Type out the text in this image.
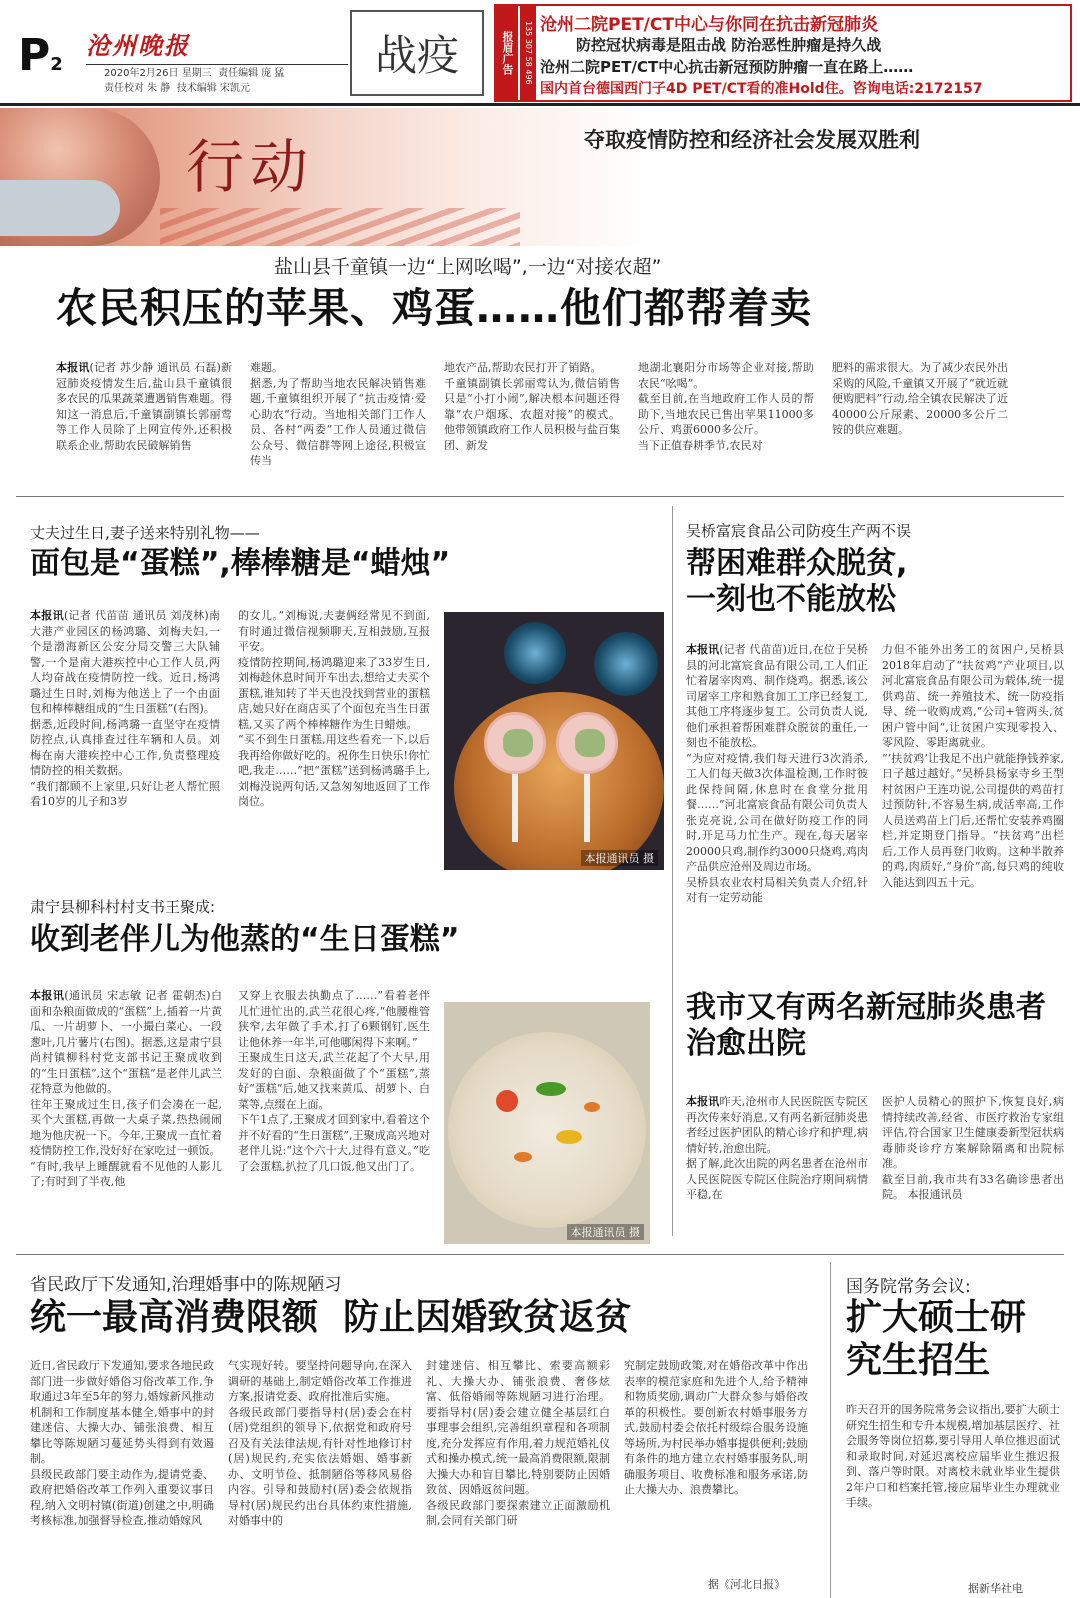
P2
沧州晚报
2020年2月26日 星期三 责任编辑 庞 猛
责任校对 朱 静 技术编辑 宋凯元
战疫	报眉广告	135 307 58 496 沧州二院PET/CT中心与你同在抗击新冠肺炎
防控冠状病毒是阻击战 防治恶性肿瘤是持久战
沧州二院PET/CT中心抗击新冠预防肿瘤一直在路上……
国内首台德国西门子4D PET/CT看的准Hold住。咨询电话:2172157
行动	夺取疫情防控和经济社会发展双胜利
盐山县千童镇一边“上网吆喝”,一边“对接农超”
农民积压的苹果、鸡蛋……他们都帮着卖
本报讯(记者 苏少静 通讯员 石磊)新冠肺炎疫情发生后,盐山县千童镇很多农民的瓜果蔬菜遭遇销售难题。得知这一消息后,千童镇副镇长郭丽莺等工作人员除了上网宣传外,还积极联系企业,帮助农民破解销售
难题。
据悉,为了帮助当地农民解决销售难题,千童镇组织开展了“抗击疫情·爱心助农”行动。当地相关部门工作人员、各村“两委”工作人员通过微信公众号、微信群等网上途径,积极宣传当
地农产品,帮助农民打开了销路。
千童镇副镇长郭丽莺认为,微信销售只是“小打小闹”,解决根本问题还得靠“农户烟琢、农超对接”的模式。他带领镇政府工作人员积极与盐百集团、新发
地湖北襄阳分市场等企业对接,帮助农民“吆喝”。
截至目前,在当地政府工作人员的帮助下,当地农民已售出苹果11000多公斤、鸡蛋6000多公斤。
当下正值春耕季节,农民对
肥料的需求很大。为了减少农民外出采购的风险,千童镇又开展了“就近就便购肥料”行动,给全镇农民解决了近40000公斤尿素、20000多公斤二铵的供应难题。
丈夫过生日,妻子送来特别礼物——
面包是“蛋糕”,棒棒糖是“蜡烛”
本报讯(记者 代苗苗 通讯员 刘茂林)南大港产业园区的杨鸿璐、刘梅夫妇,一个是渤海新区公安分局交警三大队辅警,一个是南大港疾控中心工作人员,两人均奋战在疫情防控一线。近日,杨鸿璐过生日时,刘梅为他送上了一个由面包和棒棒糖组成的“生日蛋糕”(右图)。
据悉,近段时间,杨鸿璐一直坚守在疫情防控点,认真排查过往车辆和人员。刘梅在南大港疾控中心工作,负责整理疫情防控的相关数据。
“我们都顾不上家里,只好让老人帮忙照看10岁的儿子和3岁
的女儿。”刘梅说,夫妻俩经常见不到面,有时通过微信视频聊天,互相鼓励,互报平安。
疫情防控期间,杨鸿璐迎来了33岁生日,刘梅趁休息时间开车出去,想给丈夫买个蛋糕,谁知转了半天也没找到营业的蛋糕店,她只好在商店买了个面包充当生日蛋糕,又买了两个棒棒糖作为生日蜡烛。
“买不到生日蛋糕,用这些看充一下,以后我再给你做好吃的。祝你生日快乐!你忙吧,我走……”把“蛋糕”送到杨鸿璐手上,刘梅没说两句话,又急匆匆地返回了工作岗位。
本报通讯员 摄
吴桥富宸食品公司防疫生产两不误
帮困难群众脱贫,一刻也不能放松
本报讯(记者 代苗苗)近日,在位于吴桥县的河北富宸食品有限公司,工人们正忙着屠宰肉鸡、制作烧鸡。据悉,该公司屠宰工序和熟食加工工序已经复工,其他工序将逐步复工。公司负责人说,他们承担着帮困难群众脱贫的重任,一刻也不能放松。
“为应对疫情,我们每天进行3次消杀,工人们每天做3次体温检测,工作时彼此保持间隔,休息时在食堂分批用餐……”河北富宸食品有限公司负责人张克亮说,公司在做好防疫工作的同时,开足马力忙生产。现在,每天屠宰20000只鸡,制作约3000只烧鸡,鸡肉产品供应沧州及周边市场。
吴桥县农业农村局相关负责人介绍,针对有一定劳动能
力但不能外出务工的贫困户,吴桥县2018年启动了“扶贫鸡”产业项目,以河北富宸食品有限公司为载体,统一提供鸡苗、统一养殖技术、统一防疫指导、统一收购成鸡,“公司+管两头,贫困户管中间”,让贫困户实现零投入、零风险、零距离就业。
“‘扶贫鸡’让我足不出户就能挣钱养家,日子越过越好。”吴桥县杨家寺乡王型村贫困户王连功说,公司提供的鸡苗打过预防针,不容易生病,成活率高,工作人员送鸡苗上门后,还帮忙安装养鸡圈栏,并定期登门指导。“扶贫鸡”出栏后,工作人员再登门收购。这种半散养的鸡,肉质好,“身价”高,每只鸡的纯收入能达到四五十元。
肃宁县柳科村村支书王聚成:
收到老伴儿为他蒸的“生日蛋糕”
本报讯(通讯员 宋志敏 记者 霍朝杰)白面和杂粮面做成的“蛋糕”上,插着一片黄瓜、一片胡萝卜、一小撮白菜心、一段葱叶,几片薯片(右图)。据悉,这是肃宁县尚村镇柳科村党支部书记王聚成收到的“生日蛋糕”,这个“蛋糕”是老伴儿武兰花特意为他做的。
往年王聚成过生日,孩子们会凑在一起,买个大蛋糕,再做一大桌子菜,热热闹闹地为他庆祝一下。今年,王聚成一直忙着疫情防控工作,没好好在家吃过一顿饭。
“有时,我早上睡醒就看不见他的人影儿了;有时到了半夜,他
又穿上衣服去执勤点了……”看着老伴儿忙进忙出的,武兰花很心疼,“他腰椎管狭窄,去年做了手术,打了6颗钢钉,医生让他休养一年半,可他哪闲得下来啊。”
王聚成生日这天,武兰花起了个大早,用发好的白面、杂粮面做了个“蛋糕”,蒸好“蛋糕”后,她又找来黄瓜、胡萝卜、白菜等,点缀在上面。
下午1点了,王聚成才回到家中,看着这个并不好看的“生日蛋糕”,王聚成高兴地对老伴儿说:“这个六十大,过得有意义。”吃了会蛋糕,扒拉了几口饭,他又出门了。
本报通讯员 摄
我市又有两名新冠肺炎患者治愈出院
本报讯昨天,沧州市人民医院医专院区再次传来好消息,又有两名新冠肺炎患者经过医护团队的精心诊疗和护理,病情好转,治愈出院。
据了解,此次出院的两名患者在沧州市人民医院医专院区住院治疗期间病情平稳,在
医护人员精心的照护下,恢复良好,病情持续改善,经省、市医疗救治专家组评估,符合国家卫生健康委新型冠状病毒肺炎诊疗方案解除隔离和出院标准。
截至目前,我市共有33名确诊患者出院。 本报通讯员
省民政厅下发通知,治理婚事中的陈规陋习
统一最高消费限额  防止因婚致贫返贫
近日,省民政厅下发通知,要求各地民政部门进一步做好婚俗习俗改革工作,争取通过3年至5年的努力,婚嫁新风推动机制和工作制度基本健全,婚事中的封建迷信、大操大办、铺张浪费、相互攀比等陈规陋习蔓延势头得到有效遏制。
县级民政部门要主动作为,提请党委、政府把婚俗改革工作列入重要议事日程,纳入文明村镇(街道)创建之中,明确考核标准,加强督导检查,推动婚嫁风
气实现好转。要坚持问题导向,在深入调研的基础上,制定婚俗改革工作推进方案,报请党委、政府批准后实施。
各级民政部门要指导村(居)委会在村(居)党组织的领导下,依据党和政府号召及有关法律法规,有针对性地修订村(居)规民约,充实依法婚姻、婚事新办、文明节俭、抵制陋俗等移风易俗内容。引导和鼓励村(居)委会依规指导村(居)规民约出台具体约束性措施,对婚事中的
封建迷信、相互攀比、索要高额彩礼、大操大办、铺张浪费、奢侈炫富、低俗婚闹等陈规陋习进行治理。要指导村(居)委会建立健全基层红白事理事会组织,完善组织章程和各项制度,充分发挥应有作用,着力规范婚礼仪式和操办模式,统一最高消费限额,限制大操大办和盲目攀比,特别要防止因婚致贫、因婚返贫问题。
各级民政部门要探索建立正面激励机制,会同有关部门研
究制定鼓励政策,对在婚俗改革中作出表率的模范家庭和先进个人,给予精神和物质奖励,调动广大群众参与婚俗改革的积极性。要创新农村婚事服务方式,鼓励村委会依托村级综合服务设施等场所,为村民举办婚事提供便利;鼓励有条件的地方建立农村婚事服务队,明确服务项目、收费标准和服务承诺,防止大操大办、浪费攀比。
据《河北日报》
国务院常务会议:
扩大硕士研究生招生
昨天召开的国务院常务会议指出,要扩大硕士研究生招生和专升本规模,增加基层医疗、社会服务等岗位招募,要引导用人单位推迟面试和录取时间,对延迟离校应届毕业生推迟报到、落户等时限。对离校未就业毕业生提供2年户口和档案托管,接应届毕业生办理就业手续。
据新华社电
